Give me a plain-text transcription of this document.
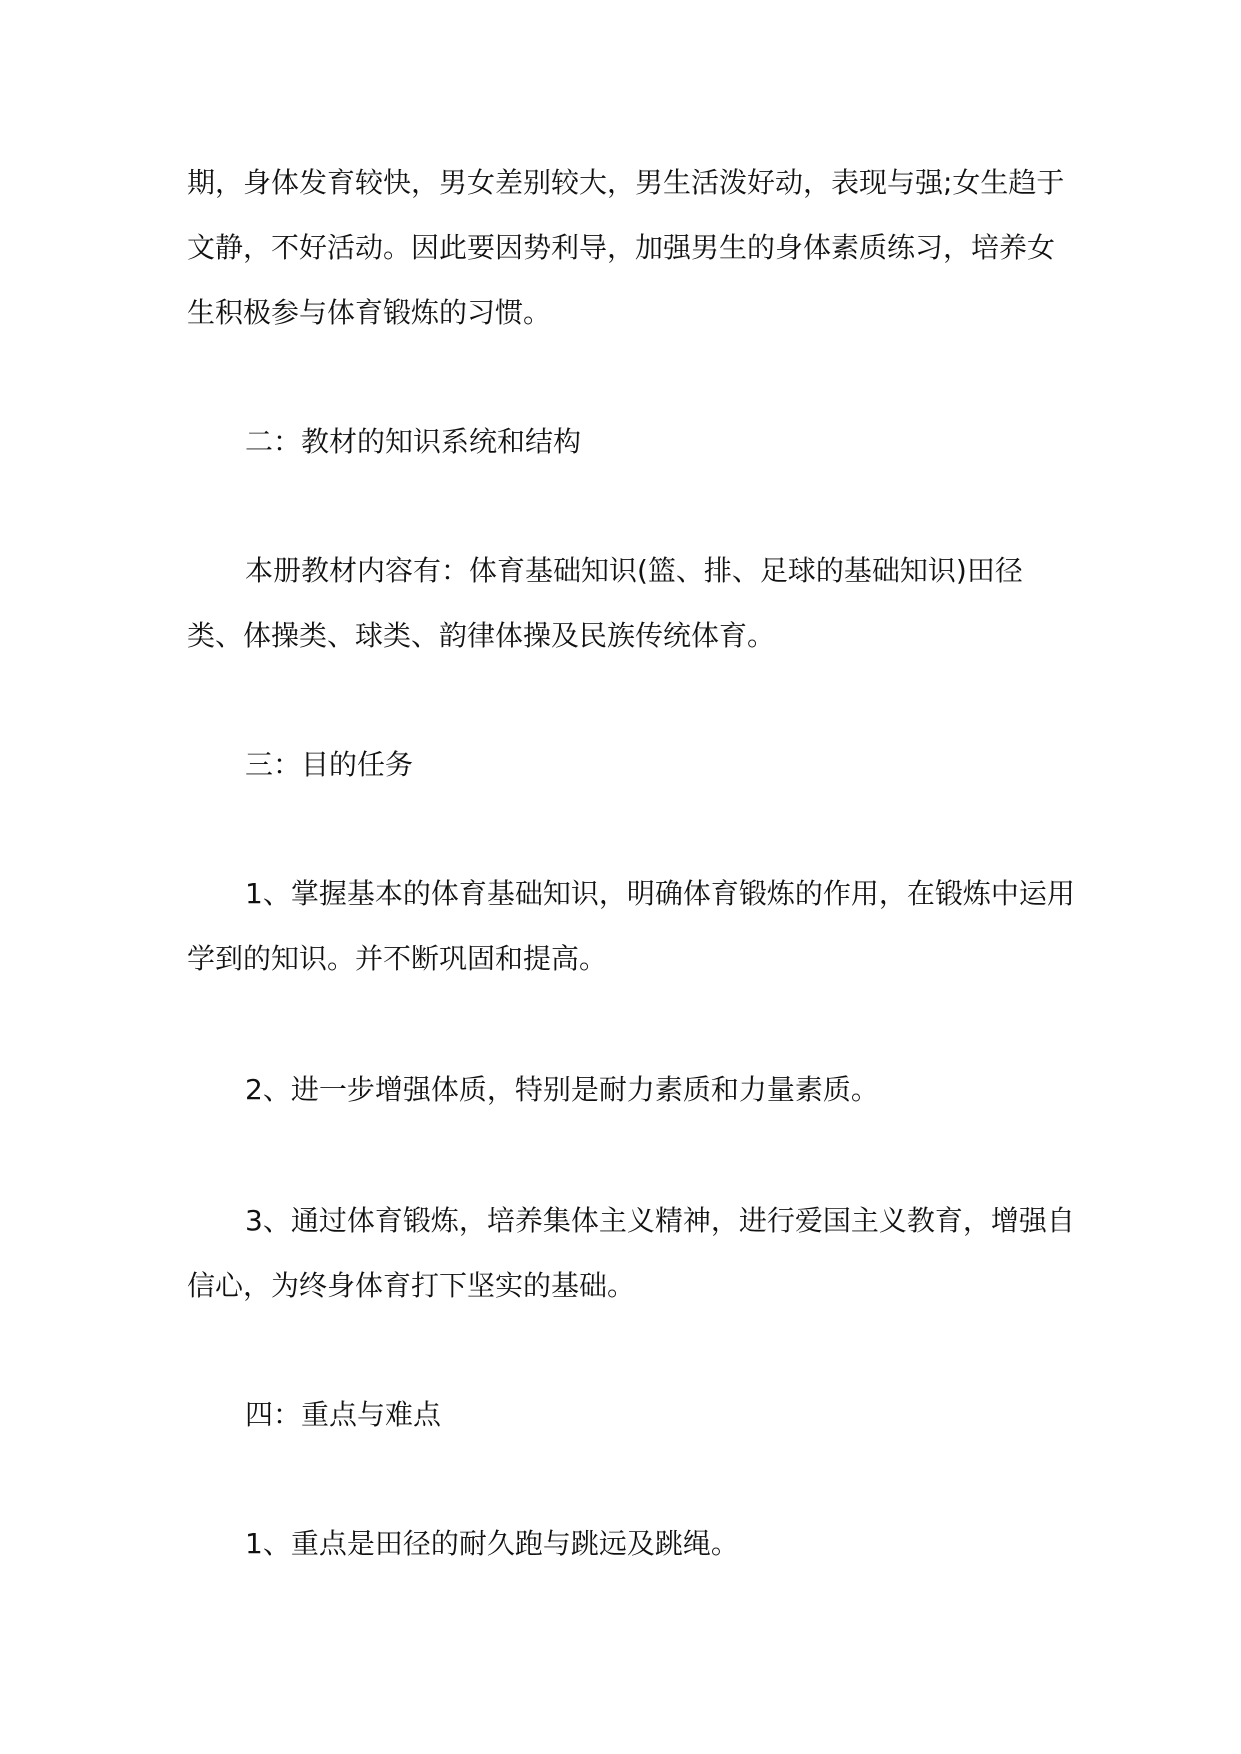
期，身体发育较快，男女差别较大，男生活泼好动，表现与强;女生趋于文静，不好活动。因此要因势利导，加强男生的身体素质练习，培养女生积极参与体育锻炼的习惯。

二：教材的知识系统和结构

本册教材内容有：体育基础知识(篮、排、足球的基础知识)田径类、体操类、球类、韵律体操及民族传统体育。

三：目的任务

1、掌握基本的体育基础知识，明确体育锻炼的作用，在锻炼中运用学到的知识。并不断巩固和提高。

2、进一步增强体质，特别是耐力素质和力量素质。

3、通过体育锻炼，培养集体主义精神，进行爱国主义教育，增强自信心，为终身体育打下坚实的基础。

四：重点与难点

1、重点是田径的耐久跑与跳远及跳绳。
